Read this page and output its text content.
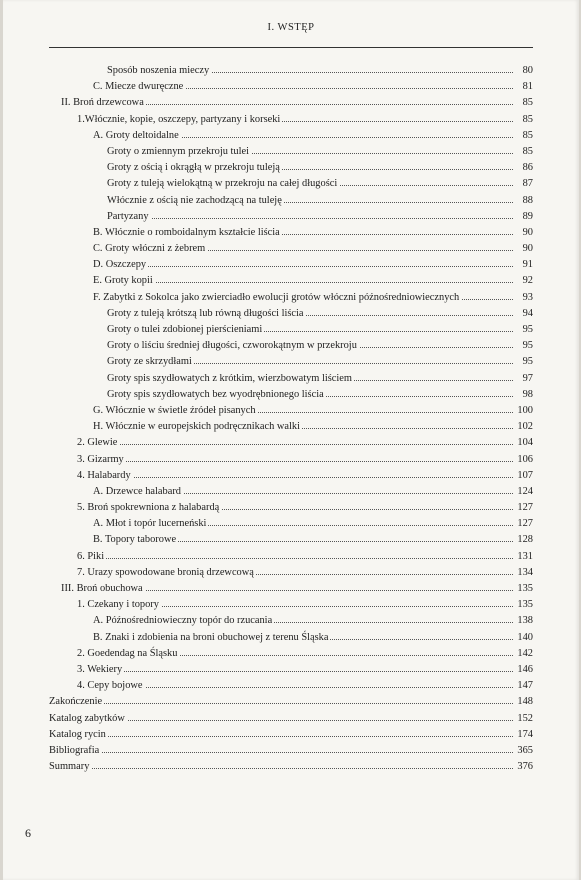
I. WSTĘP
Sposób noszenia mieczy	80
C. Miecze dwuręczne	81
II. Broń drzewcowa	85
1.Włócznie, kopie, oszczepy, partyzany i korseki	85
A. Groty deltoidalne	85
Groty o zmiennym przekroju tulei	85
Groty z ością i okrągłą w przekroju tuleją	86
Groty z tuleją wielokątną w przekroju na całej długości	87
Włócznie z ością nie zachodzącą na tuleję	88
Partyzany	89
B. Włócznie o romboidalnym kształcie liścia	90
C. Groty włóczni z żebrem	90
D. Oszczepy	91
E. Groty kopii	92
F. Zabytki z Sokolca jako zwierciadło ewolucji grotów włóczni późnośredniowiecznych	93
Groty z tuleją krótszą lub równą długości liścia	94
Groty o tulei zdobionej pierścieniami	95
Groty o liściu średniej długości, czworokątnym w przekroju	95
Groty ze skrzydłami	95
Groty spis szydłowatych z krótkim, wierzbowatym liściem	97
Groty spis szydłowatych bez wyodrębnionego liścia	98
G. Włócznie w świetle źródeł pisanych	100
H. Włócznie w europejskich podręcznikach walki	102
2. Glewie	104
3. Gizarmy	106
4. Halabardy	107
A. Drzewce halabard	124
5. Broń spokrewniona z halabardą	127
A. Młot i topór lucerneński	127
B. Topory taborowe	128
6. Piki	131
7. Urazy spowodowane bronią drzewcową	134
III. Broń obuchowa	135
1. Czekany i topory	135
A. Późnośredniowieczny topór do rzucania	138
B. Znaki i zdobienia na broni obuchowej z terenu Śląska	140
2. Goedendag na Śląsku	142
3. Wekiery	146
4. Cepy bojowe	147
Zakończenie	148
Katalog zabytków	152
Katalog rycin	174
Bibliografia	365
Summary	376
6
